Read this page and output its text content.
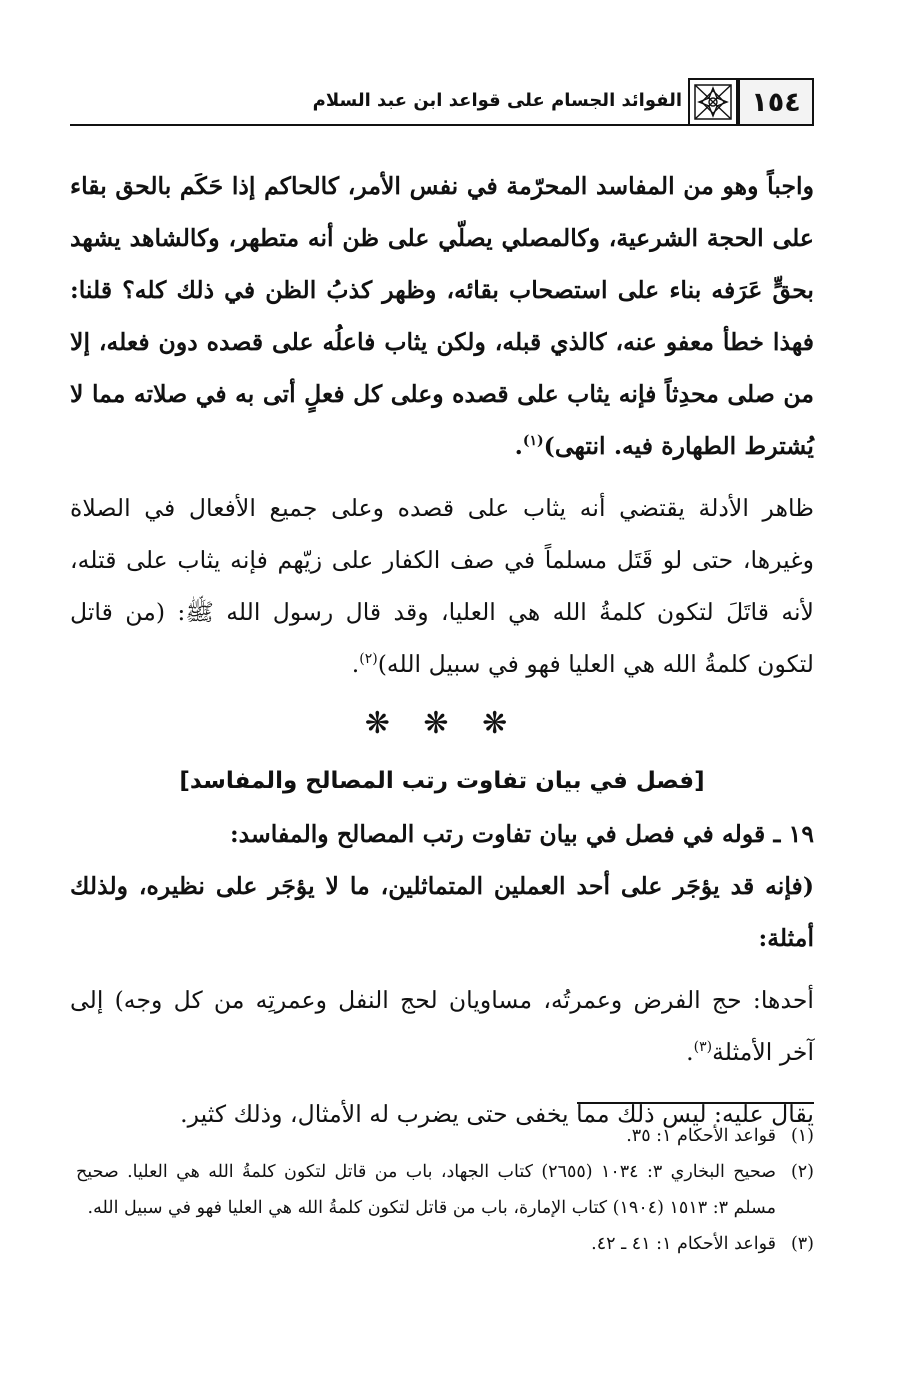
١٥٤
الفوائد الجسام على قواعد ابن عبد السلام

واجباً وهو من المفاسد المحرّمة في نفس الأمر، كالحاكم إذا حَكَم بالحق بقاء على الحجة الشرعية، وكالمصلي يصلّي على ظن أنه متطهر، وكالشاهد يشهد بحقٍّ عَرَفه بناء على استصحاب بقائه، وظهر كذبُ الظن في ذلك كله؟ قلنا: فهذا خطأ معفو عنه، كالذي قبله، ولكن يثاب فاعلُه على قصده دون فعله، إلا من صلى محدِثاً فإنه يثاب على قصده وعلى كل فعلٍ أتى به في صلاته مما لا يُشترط الطهارة فيه. انتهى)$^{(١)}$.

ظاهر الأدلة يقتضي أنه يثاب على قصده وعلى جميع الأفعال في الصلاة وغيرها، حتى لو قَتَل مسلماً في صف الكفار على زيّهم فإنه يثاب على قتله، لأنه قاتَلَ لتكون كلمةُ الله هي العليا، وقد قال رسول الله ﷺ: (من قاتل لتكون كلمةُ الله هي العليا فهو في سبيل الله)$^{(٢)}$.

❋ ❋ ❋

[فصل في بيان تفاوت رتب المصالح والمفاسد]

١٩ ـ قوله في فصل في بيان تفاوت رتب المصالح والمفاسد:

(فإنه قد يؤجَر على أحد العملين المتماثلين، ما لا يؤجَر على نظيره، ولذلك أمثلة:

أحدها: حج الفرض وعمرتُه، مساويان لحج النفل وعمرتِه من كل وجه) إلى آخر الأمثلة$^{(٣)}$.

يقال عليه: ليس ذلك مما يخفى حتى يضرب له الأمثال، وذلك كثير.

(١)
قواعد الأحكام ١: ٣٥.
(٢)
صحيح البخاري ٣: ١٠٣٤ (٢٦٥٥) كتاب الجهاد، باب من قاتل لتكون كلمةُ الله هي العليا. صحيح مسلم ٣: ١٥١٣ (١٩٠٤) كتاب الإمارة، باب من قاتل لتكون كلمةُ الله هي العليا فهو في سبيل الله.
(٣)
قواعد الأحكام ١: ٤١ ـ ٤٢.
